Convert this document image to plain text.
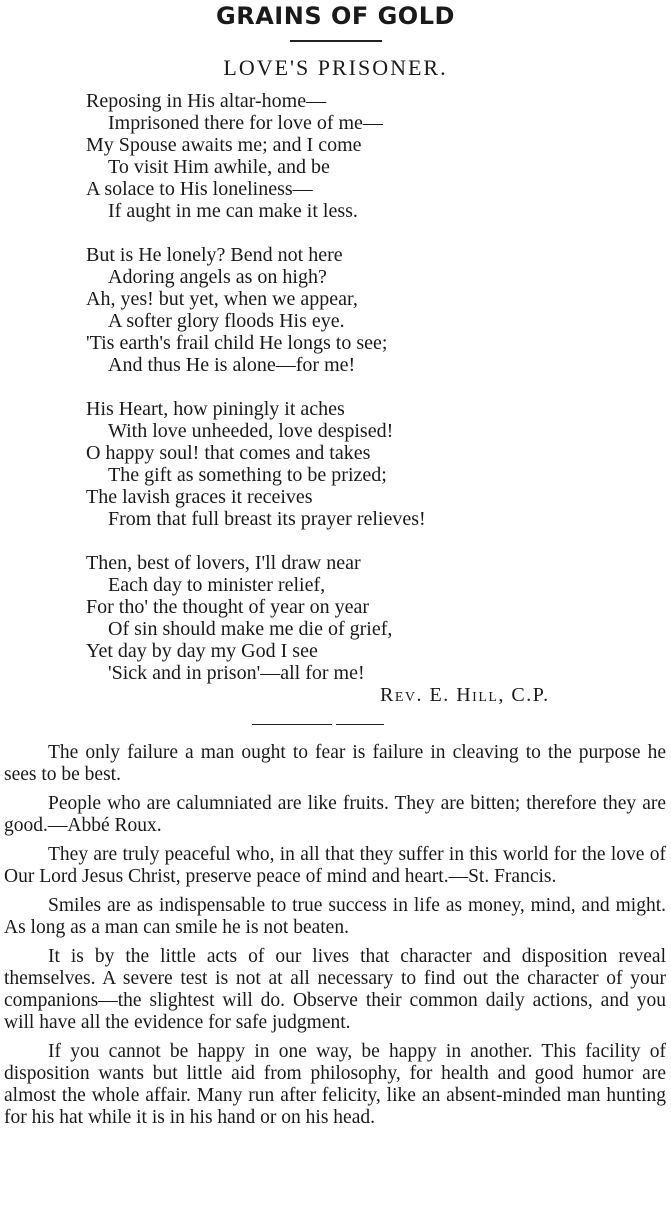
GRAINS OF GOLD
LOVE'S PRISONER.
Reposing in His altar-home—
Imprisoned there for love of me—
My Spouse awaits me; and I come
To visit Him awhile, and be
A solace to His loneliness—
If aught in me can make it less.
But is He lonely? Bend not here
Adoring angels as on high?
Ah, yes! but yet, when we appear,
A softer glory floods His eye.
'Tis earth's frail child He longs to see;
And thus He is alone—for me!
His Heart, how piningly it aches
With love unheeded, love despised!
O happy soul! that comes and takes
The gift as something to be prized;
The lavish graces it receives
From that full breast its prayer relieves!
Then, best of lovers, I'll draw near
Each day to minister relief,
For tho' the thought of year on year
Of sin should make me die of grief,
Yet day by day my God I see
'Sick and in prison'—all for me!
Rev. E. Hill, C.P.

The only failure a man ought to fear is failure in cleaving to the purpose he sees to be best.

People who are calumniated are like fruits. They are bitten; therefore they are good.—Abbé Roux.

They are truly peaceful who, in all that they suffer in this world for the love of Our Lord Jesus Christ, preserve peace of mind and heart.—St. Francis.

Smiles are as indispensable to true success in life as money, mind, and might. As long as a man can smile he is not beaten.

It is by the little acts of our lives that character and disposition reveal themselves. A severe test is not at all necessary to find out the character of your companions—the slightest will do. Observe their common daily actions, and you will have all the evidence for safe judgment.

If you cannot be happy in one way, be happy in another. This facility of disposition wants but little aid from philosophy, for health and good humor are almost the whole affair. Many run after felicity, like an absent-minded man hunting for his hat while it is in his hand or on his head.
